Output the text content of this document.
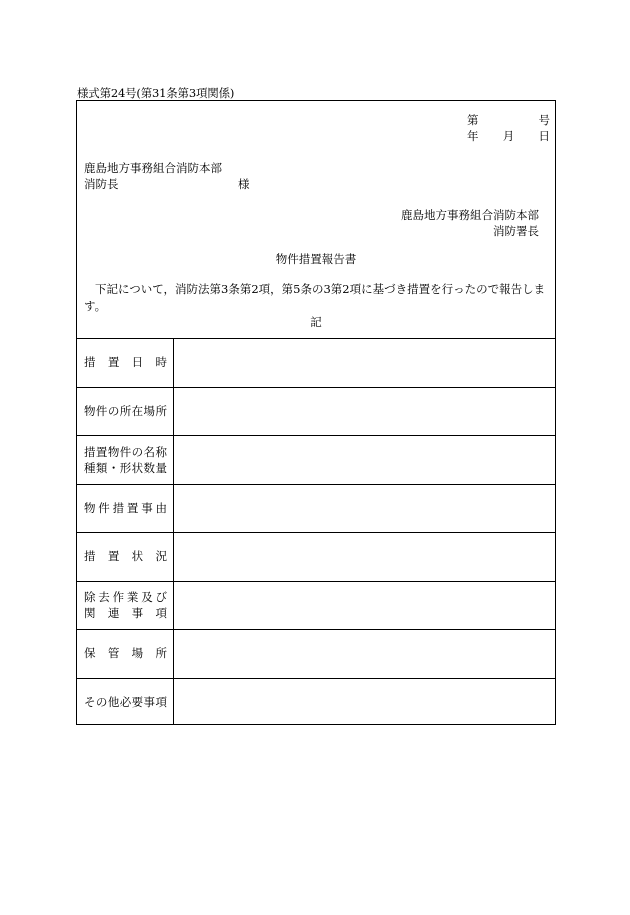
様式第24号(第31条第3項関係)
第	号
年 月 日
鹿島地方事務組合消防本部
消防長	様
鹿島地方事務組合消防本部
消防署長
物件措置報告書
下記について，消防法第3条第2項，第5条の3第2項に基づき措置を行ったので報告します。
記
措 置 日 時
物 件 の 所 在 場 所
措 置 物 件 の 名 称
種 類 ・ 形 状 数 量
物 件 措 置 事 由
措 置 状 況
除 去 作 業 及 び
関 連 事 項
保 管 場 所
そ の 他 必 要 事 項
